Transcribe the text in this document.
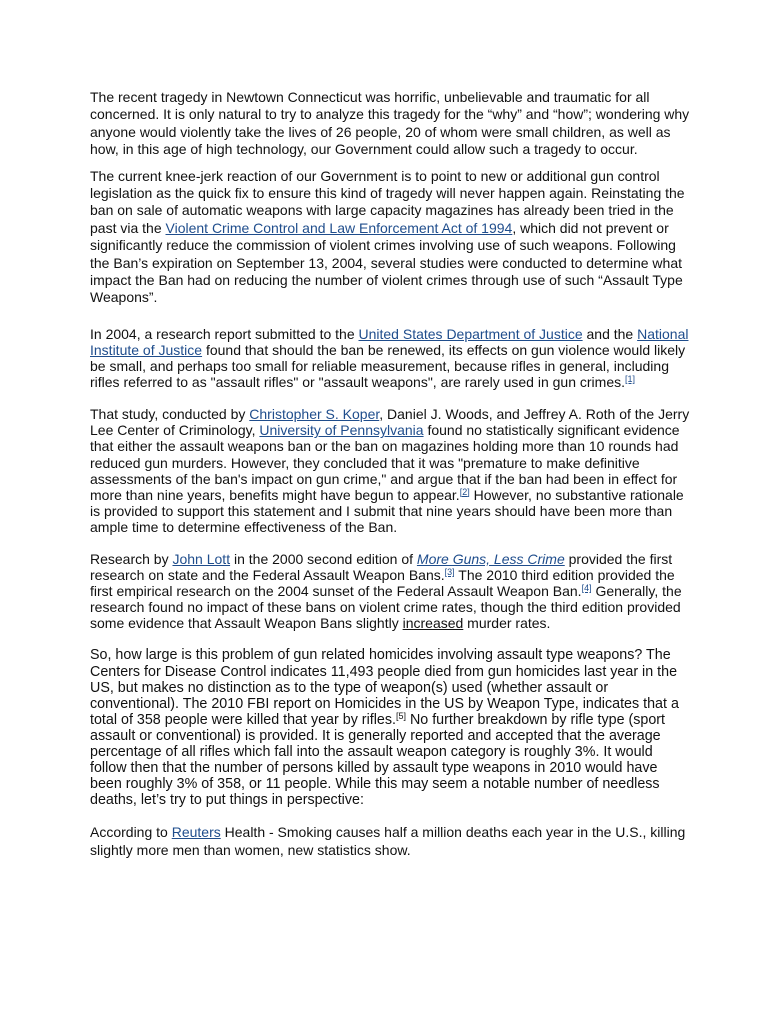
The recent tragedy in Newtown Connecticut was horrific, unbelievable and traumatic for all concerned. It is only natural to try to analyze this tragedy for the “why” and “how”; wondering why anyone would violently take the lives of 26 people, 20 of whom were small children, as well as how, in this age of high technology, our Government could allow such a tragedy to occur.

The current knee-jerk reaction of our Government is to point to new or additional gun control legislation as the quick fix to ensure this kind of tragedy will never happen again. Reinstating the ban on sale of automatic weapons with large capacity magazines has already been tried in the past via the Violent Crime Control and Law Enforcement Act of 1994, which did not prevent or significantly reduce the commission of violent crimes involving use of such weapons. Following the Ban’s expiration on September 13, 2004, several studies were conducted to determine what impact the Ban had on reducing the number of violent crimes through use of such “Assault Type Weapons”.

In 2004, a research report submitted to the United States Department of Justice and the National Institute of Justice found that should the ban be renewed, its effects on gun violence would likely be small, and perhaps too small for reliable measurement, because rifles in general, including rifles referred to as "assault rifles" or "assault weapons", are rarely used in gun crimes.[1]

That study, conducted by Christopher S. Koper, Daniel J. Woods, and Jeffrey A. Roth of the Jerry Lee Center of Criminology, University of Pennsylvania found no statistically significant evidence that either the assault weapons ban or the ban on magazines holding more than 10 rounds had reduced gun murders. However, they concluded that it was "premature to make definitive assessments of the ban's impact on gun crime," and argue that if the ban had been in effect for more than nine years, benefits might have begun to appear.[2] However, no substantive rationale is provided to support this statement and I submit that nine years should have been more than ample time to determine effectiveness of the Ban.

Research by John Lott in the 2000 second edition of More Guns, Less Crime provided the first research on state and the Federal Assault Weapon Bans.[3] The 2010 third edition provided the first empirical research on the 2004 sunset of the Federal Assault Weapon Ban.[4] Generally, the research found no impact of these bans on violent crime rates, though the third edition provided some evidence that Assault Weapon Bans slightly increased murder rates.

So, how large is this problem of gun related homicides involving assault type weapons? The Centers for Disease Control indicates 11,493 people died from gun homicides last year in the US, but makes no distinction as to the type of weapon(s) used (whether assault or conventional). The 2010 FBI report on Homicides in the US by Weapon Type, indicates that a total of 358 people were killed that year by rifles.[5] No further breakdown by rifle type (sport assault or conventional) is provided. It is generally reported and accepted that the average percentage of all rifles which fall into the assault weapon category is roughly 3%. It would follow then that the number of persons killed by assault type weapons in 2010 would have been roughly 3% of 358, or 11 people. While this may seem a notable number of needless deaths, let’s try to put things in perspective:

According to Reuters Health - Smoking causes half a million deaths each year in the U.S., killing slightly more men than women, new statistics show.
